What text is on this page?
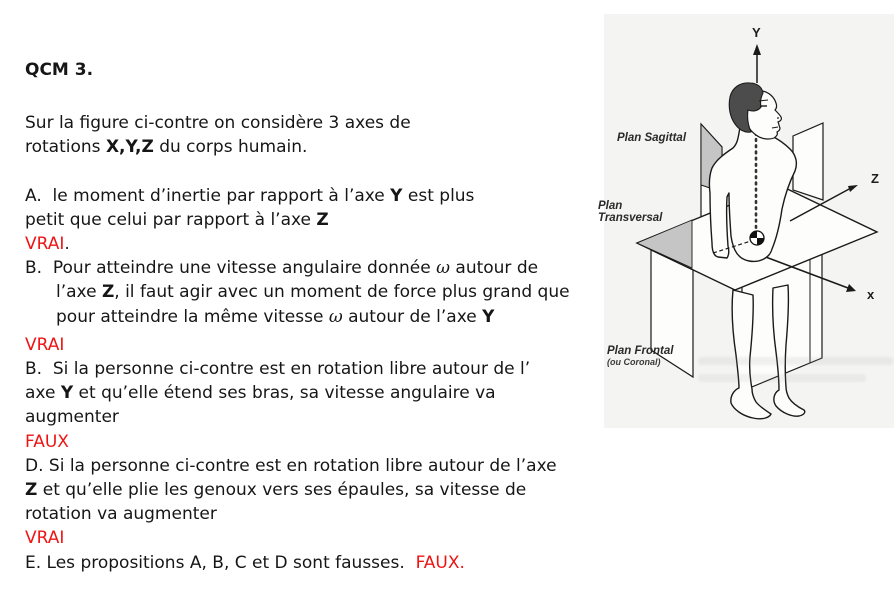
QCM 3.
Sur la figure ci-contre on considère 3 axes de
rotations X,Y,Z du corps humain.
A.  le moment d’inertie par rapport à l’axe Y est plus
petit que celui par rapport à l’axe Z
VRAI.
B.  Pour atteindre une vitesse angulaire donnée ω autour de
l’axe Z, il faut agir avec un moment de force plus grand que
pour atteindre la même vitesse ω autour de l’axe Y
VRAI
B.  Si la personne ci-contre est en rotation libre autour de l’
axe Y et qu’elle étend ses bras, sa vitesse angulaire va
augmenter
FAUX
D. Si la personne ci-contre est en rotation libre autour de l’axe
Z et qu’elle plie les genoux vers ses épaules, sa vitesse de
rotation va augmenter
VRAI
E. Les propositions A, B, C et D sont fausses.  FAUX.
Y
Z
x
Plan Sagittal
Plan
Transversal
Plan Frontal
(ou Coronal)
